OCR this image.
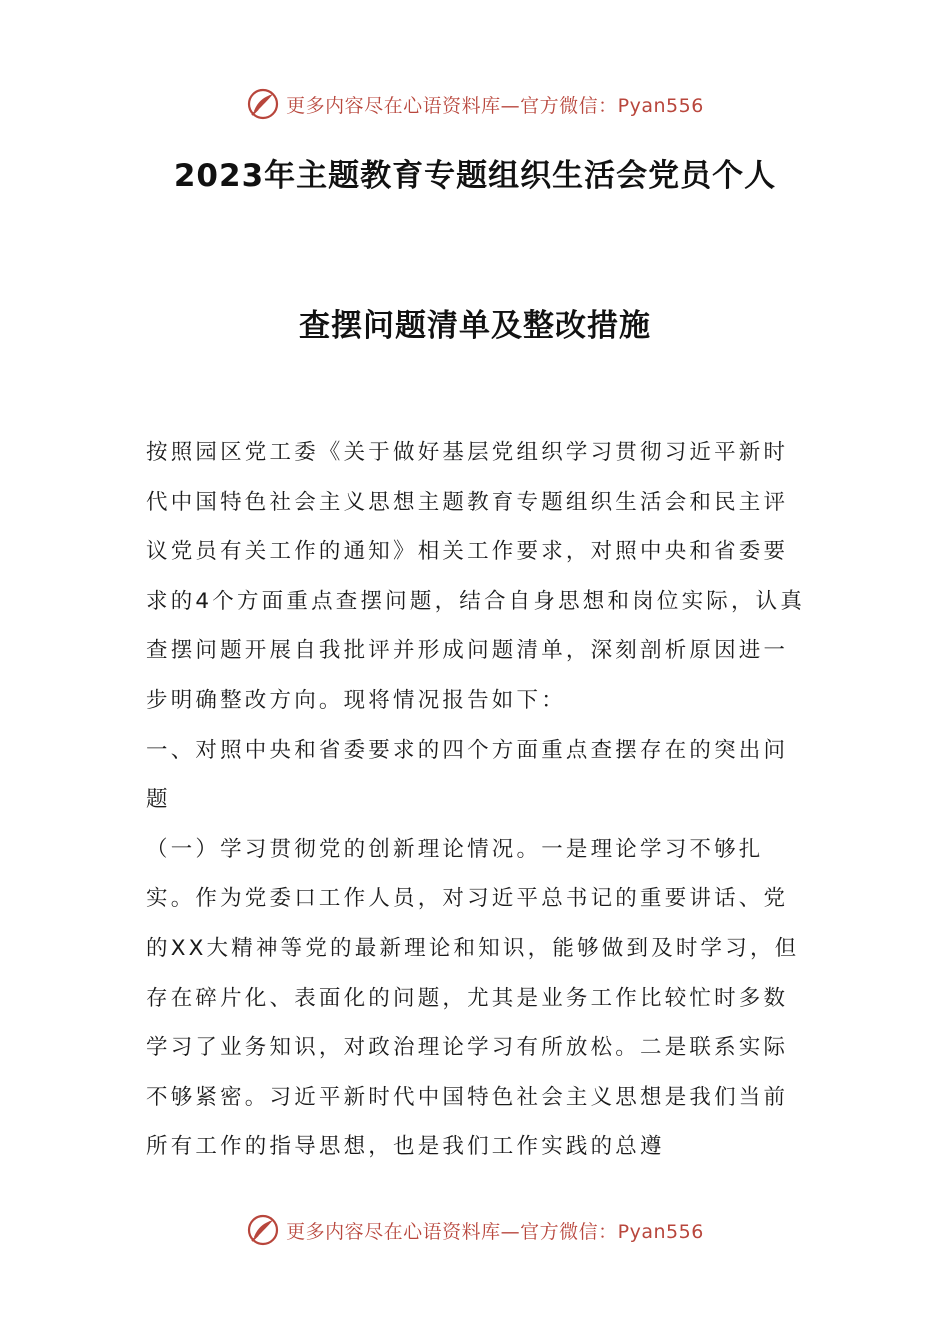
更多内容尽在心语资料库—官方微信：Pyan556
2023年主题教育专题组织生活会党员个人
查摆问题清单及整改措施

按照园区党工委《关于做好基层党组织学习贯彻习近平新时代中国特色社会主义思想主题教育专题组织生活会和民主评议党员有关工作的通知》相关工作要求，对照中央和省委要求的4个方面重点查摆问题，结合自身思想和岗位实际，认真查摆问题开展自我批评并形成问题清单，深刻剖析原因进一步明确整改方向。现将情况报告如下：

一、对照中央和省委要求的四个方面重点查摆存在的突出问题

（一）学习贯彻党的创新理论情况。一是理论学习不够扎实。作为党委口工作人员，对习近平总书记的重要讲话、党的XX大精神等党的最新理论和知识，能够做到及时学习，但存在碎片化、表面化的问题，尤其是业务工作比较忙时多数学习了业务知识，对政治理论学习有所放松。二是联系实际不够紧密。习近平新时代中国特色社会主义思想是我们当前所有工作的指导思想，也是我们工作实践的总遵

更多内容尽在心语资料库—官方微信：Pyan556
